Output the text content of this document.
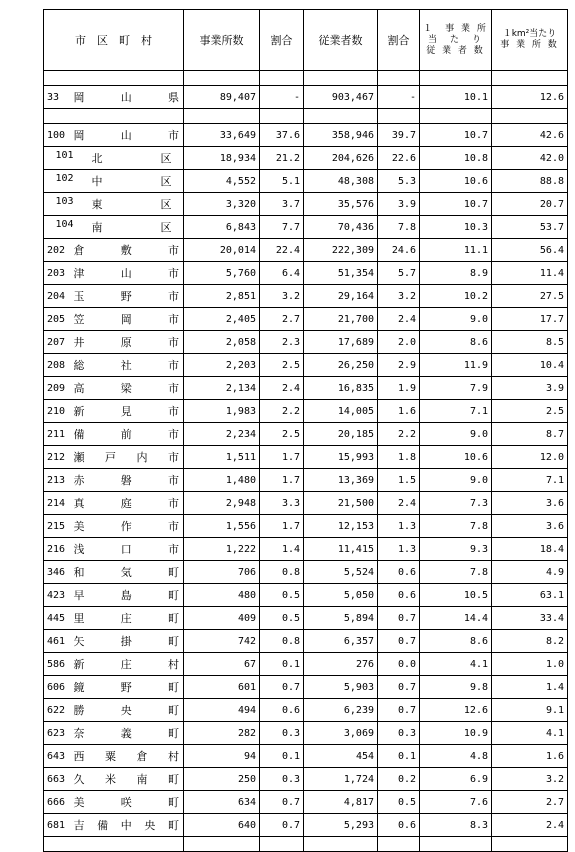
市　区　町　村		事業所数	割合	従業者数	割合	１　事 業 所
当　た　り
従 業 者 数	１km²当たり
事 業 所 数

33	岡山県	89,407	-	903,467	-	10.1	12.6

100	岡山市	33,649	37.6	358,946	39.7	10.7	42.6

101 北区	18,934	21.2	204,626	22.6	10.8	42.0

102 中区	4,552	5.1	48,308	5.3	10.6	88.8

103 東区	3,320	3.7	35,576	3.9	10.7	20.7

104 南区	6,843	7.7	70,436	7.8	10.3	53.7
202	倉敷市	20,014	22.4	222,309	24.6	11.1	56.4
203	津山市	5,760	6.4	51,354	5.7	8.9	11.4
204	玉野市	2,851	3.2	29,164	3.2	10.2	27.5
205	笠岡市	2,405	2.7	21,700	2.4	9.0	17.7
207	井原市	2,058	2.3	17,689	2.0	8.6	8.5
208	総社市	2,203	2.5	26,250	2.9	11.9	10.4
209	高梁市	2,134	2.4	16,835	1.9	7.9	3.9
210	新見市	1,983	2.2	14,005	1.6	7.1	2.5
211	備前市	2,234	2.5	20,185	2.2	9.0	8.7
212	瀬戸内市	1,511	1.7	15,993	1.8	10.6	12.0
213	赤磐市	1,480	1.7	13,369	1.5	9.0	7.1
214	真庭市	2,948	3.3	21,500	2.4	7.3	3.6
215	美作市	1,556	1.7	12,153	1.3	7.8	3.6
216	浅口市	1,222	1.4	11,415	1.3	9.3	18.4
346	和気町	706	0.8	5,524	0.6	7.8	4.9
423	早島町	480	0.5	5,050	0.6	10.5	63.1
445	里庄町	409	0.5	5,894	0.7	14.4	33.4
461	矢掛町	742	0.8	6,357	0.7	8.6	8.2
586	新庄村	67	0.1	276	0.0	4.1	1.0
606	鏡野町	601	0.7	5,903	0.7	9.8	1.4
622	勝央町	494	0.6	6,239	0.7	12.6	9.1
623	奈義町	282	0.3	3,069	0.3	10.9	4.1
643	西粟倉村	94	0.1	454	0.1	4.8	1.6
663	久米南町	250	0.3	1,724	0.2	6.9	3.2
666	美咲町	634	0.7	4,817	0.5	7.6	2.7
681	吉備中央町	640	0.7	5,293	0.6	8.3	2.4
